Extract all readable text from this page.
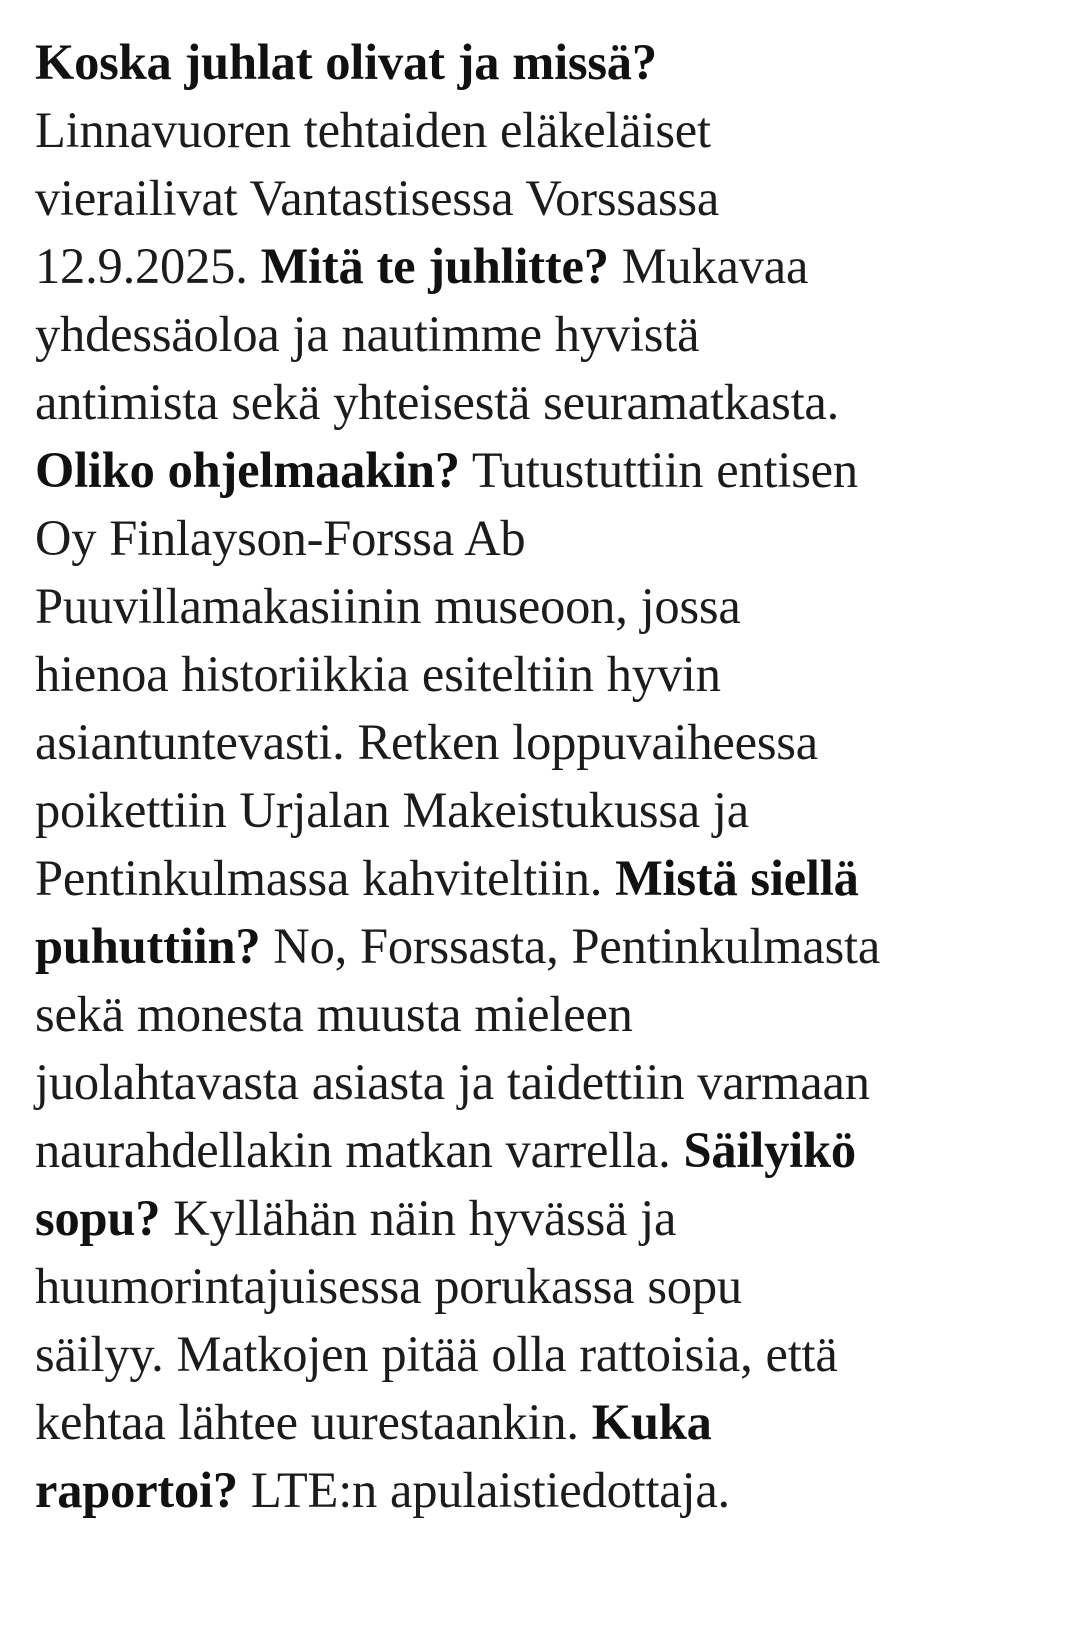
Koska juhlat olivat ja missä?
Linnavuoren tehtaiden eläkeläiset
vierailivat Vantastisessa Vorssassa
12.9.2025. Mitä te juhlitte? Mukavaa
yhdessäoloa ja nautimme hyvistä
antimista sekä yhteisestä seuramatkasta.
Oliko ohjelmaakin? Tutustuttiin entisen
Oy Finlayson-Forssa Ab
Puuvillamakasiinin museoon, jossa
hienoa historiikkia esiteltiin hyvin
asiantuntevasti. Retken loppuvaiheessa
poikettiin Urjalan Makeistukussa ja
Pentinkulmassa kahviteltiin. Mistä siellä
puhuttiin? No, Forssasta, Pentinkulmasta
sekä monesta muusta mieleen
juolahtavasta asiasta ja taidettiin varmaan
naurahdellakin matkan varrella. Säilyikö
sopu? Kyllähän näin hyvässä ja
huumorintajuisessa porukassa sopu
säilyy. Matkojen pitää olla rattoisia, että
kehtaa lähtee uurestaankin. Kuka
raportoi? LTE:n apulaistiedottaja.
